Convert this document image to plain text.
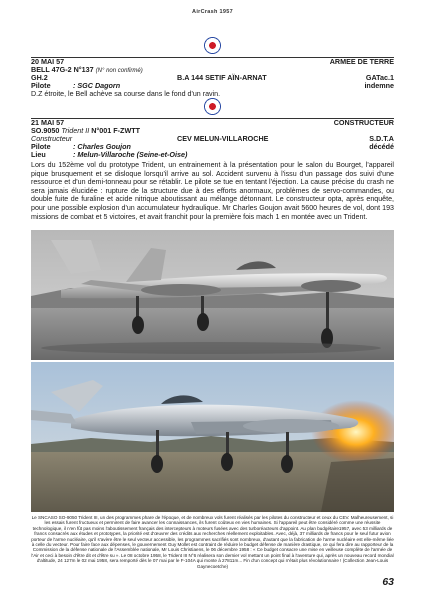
AirCrash 1957
20 MAI 57	ARMEE DE TERRE
BELL 47G-2 N°137 (N° non confirmé)
GH.2	B.A 144 SETIF AÏN-ARNAT	GATac.1
Pilote	: SGC Dagorn	indemne

D.Z étroite, le Bell achève sa course dans le fond d'un ravin.

21 MAI 57	CONSTRUCTEUR
SO.9050 Trident II N°001 F-ZWTT
Constructeur	CEV MELUN-VILLAROCHE	S.D.T.A
Pilote	: Charles Goujon	décédé
Lieu	: Melun-Villaroche (Seine-et-Oise)

Lors du 152ème vol du prototype Trident, un entrainement à la présentation pour le salon du Bourget, l'appareil pique brusquement et se disloque lorsqu'il arrive au sol. Accident survenu à l'issu d'un passage dos suivi d'une ressource et d'un demi-tonneau pour se rétablir. Le pilote se tue en tentant l'éjection. La cause précise du crash ne sera jamais élucidée : rupture de la structure due à des efforts anormaux, problèmes de servo-commandes, ou double fuite de furaline et acide nitrique aboutissant au mélange détonnant. Le constructeur opta, après enquête, pour une possible explosion d'un accumulateur hydraulique. Mr Charles Goujon avait 5600 heures de vol, dont 193 missions de combat et 5 victoires, et avait franchit pour la première fois mach 1 en montée avec un Trident.

Le SNCASO SO-9050 Trident III, un des programmes phare de l'époque, et de nombreux vols furent réalisés par les pilotes du constructeur et ceux du CEV. Malheureusement, si les essais furent fructueux et permirent de faire avancer les connaissances, ils furent coûteux en vies humaines. Si l'appareil peut être considéré comme une réussite technologique, il n'en fût pas moins l'aboutissement français des intercepteurs à moteurs fusées avec des turboréacteurs d'appoint. Au plan budgétaire1957, avec 53 milliards de francs consacrés aux études et prototypes, la priorité est d'œuvrer des crédits aux recherches réellement exploitables. Avec, déjà, 37 milliards de francs pour le seul futur avion porteur de l'arme nucléaire, qu'il s'avère être le seul vecteur accessible, les programmes sacrifiés sont nombreux, d'autant que la fabrication de l'arme nucléaire est elle-même liée à celle du vecteur. Pour faire face aux dépenses, le gouvernement Guy Mollet est contraint de réduire le budget défense de manière drastique, ce qui fera dire au rapporteur de la Commission de la défense nationale de l'Assemblée nationale, Mr Louis Christiaens, le 06 décembre 1958 : « Ce budget consacre une mise en veilleuse complète de l'armée de l'Air et ceci à besoin d'être dit et d'être su ». Le 08 octobre 1958, le Trident III N°6 réalisera son dernier vol mettant un point final à l'aventure qui, après un nouveau record mondial d'altitude, 24 127m le 02 mai 1958, sera remporté dès le 07 mai par le F-104A qui monte à 27811m... Fin d'un concept qui n'était plus révolutionnaire ! (Collection Jean-Louis Gaynecoetche)

63
